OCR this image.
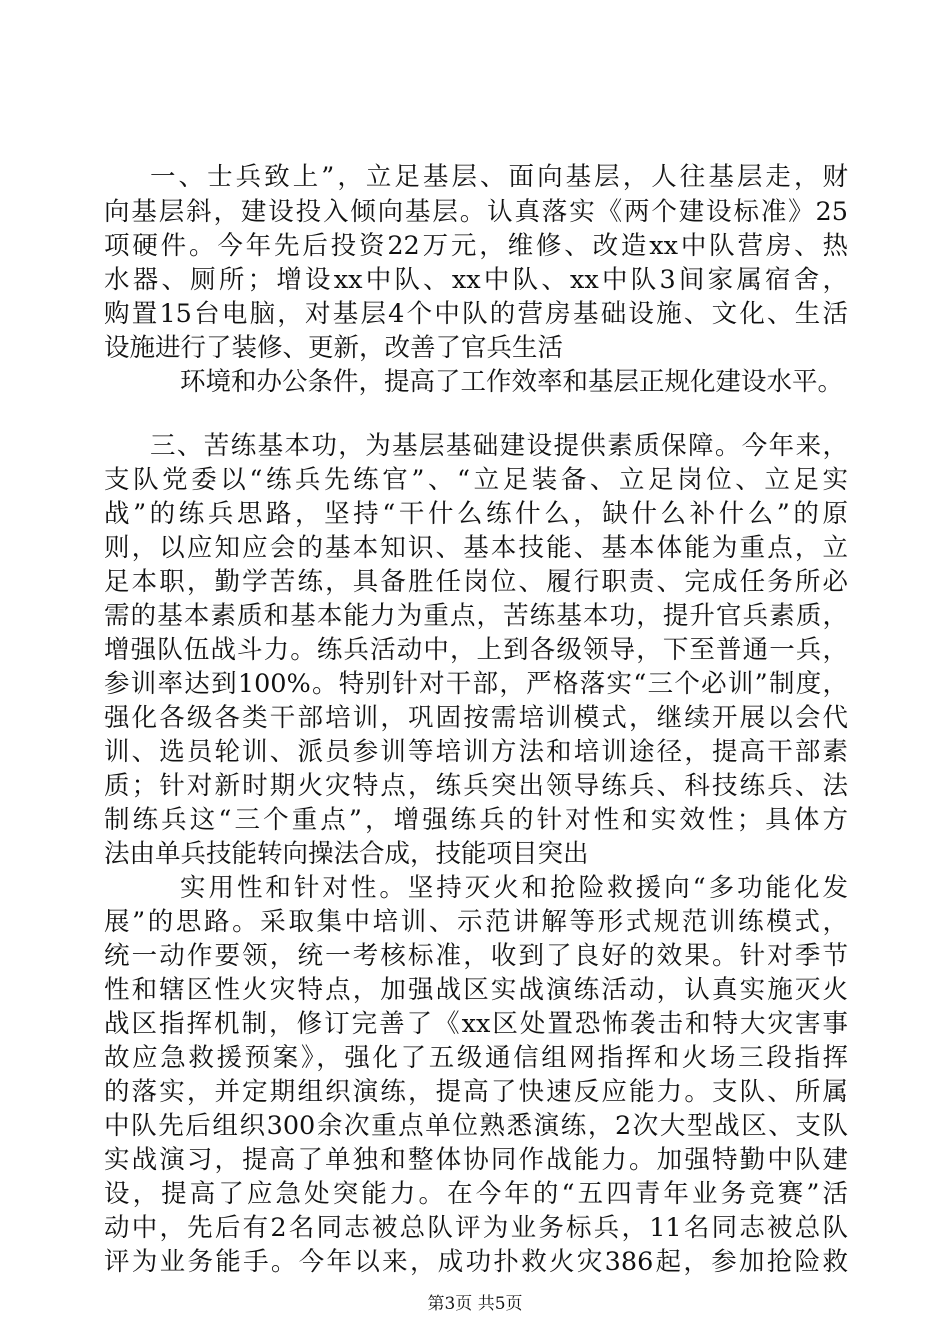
一、士兵致上”，立足基层、面向基层，人往基层走，财

向基层斜，建设投入倾向基层。认真落实《两个建设标准》25

项硬件。今年先后投资22万元，维修、改造xx中队营房、热

水器、厕所；增设xx中队、xx中队、xx中队3间家属宿舍，

购置15台电脑，对基层4个中队的营房基础设施、文化、生活

设施进行了装修、更新，改善了官兵生活

环境和办公条件，提高了工作效率和基层正规化建设水平。

三、苦练基本功，为基层基础建设提供素质保障。今年来，

支队党委以“练兵先练官”、“立足装备、立足岗位、立足实

战”的练兵思路，坚持“干什么练什么，缺什么补什么”的原

则，以应知应会的基本知识、基本技能、基本体能为重点，立

足本职，勤学苦练，具备胜任岗位、履行职责、完成任务所必

需的基本素质和基本能力为重点，苦练基本功，提升官兵素质，

增强队伍战斗力。练兵活动中，上到各级领导，下至普通一兵，

参训率达到100%。特别针对干部，严格落实“三个必训”制度，

强化各级各类干部培训，巩固按需培训模式，继续开展以会代

训、选员轮训、派员参训等培训方法和培训途径，提高干部素

质；针对新时期火灾特点，练兵突出领导练兵、科技练兵、法

制练兵这“三个重点”，增强练兵的针对性和实效性；具体方

法由单兵技能转向操法合成，技能项目突出

实用性和针对性。坚持灭火和抢险救援向“多功能化发

展”的思路。采取集中培训、示范讲解等形式规范训练模式，

统一动作要领，统一考核标准，收到了良好的效果。针对季节

性和辖区性火灾特点，加强战区实战演练活动，认真实施灭火

战区指挥机制，修订完善了《xx区处置恐怖袭击和特大灾害事

故应急救援预案》，强化了五级通信组网指挥和火场三段指挥

的落实，并定期组织演练，提高了快速反应能力。支队、所属

中队先后组织300余次重点单位熟悉演练，2次大型战区、支队

实战演习，提高了单独和整体协同作战能力。加强特勤中队建

设，提高了应急处突能力。在今年的“五四青年业务竞赛”活

动中，先后有2名同志被总队评为业务标兵，11名同志被总队

评为业务能手。今年以来，成功扑救火灾386起，参加抢险救

第3页 共5页
